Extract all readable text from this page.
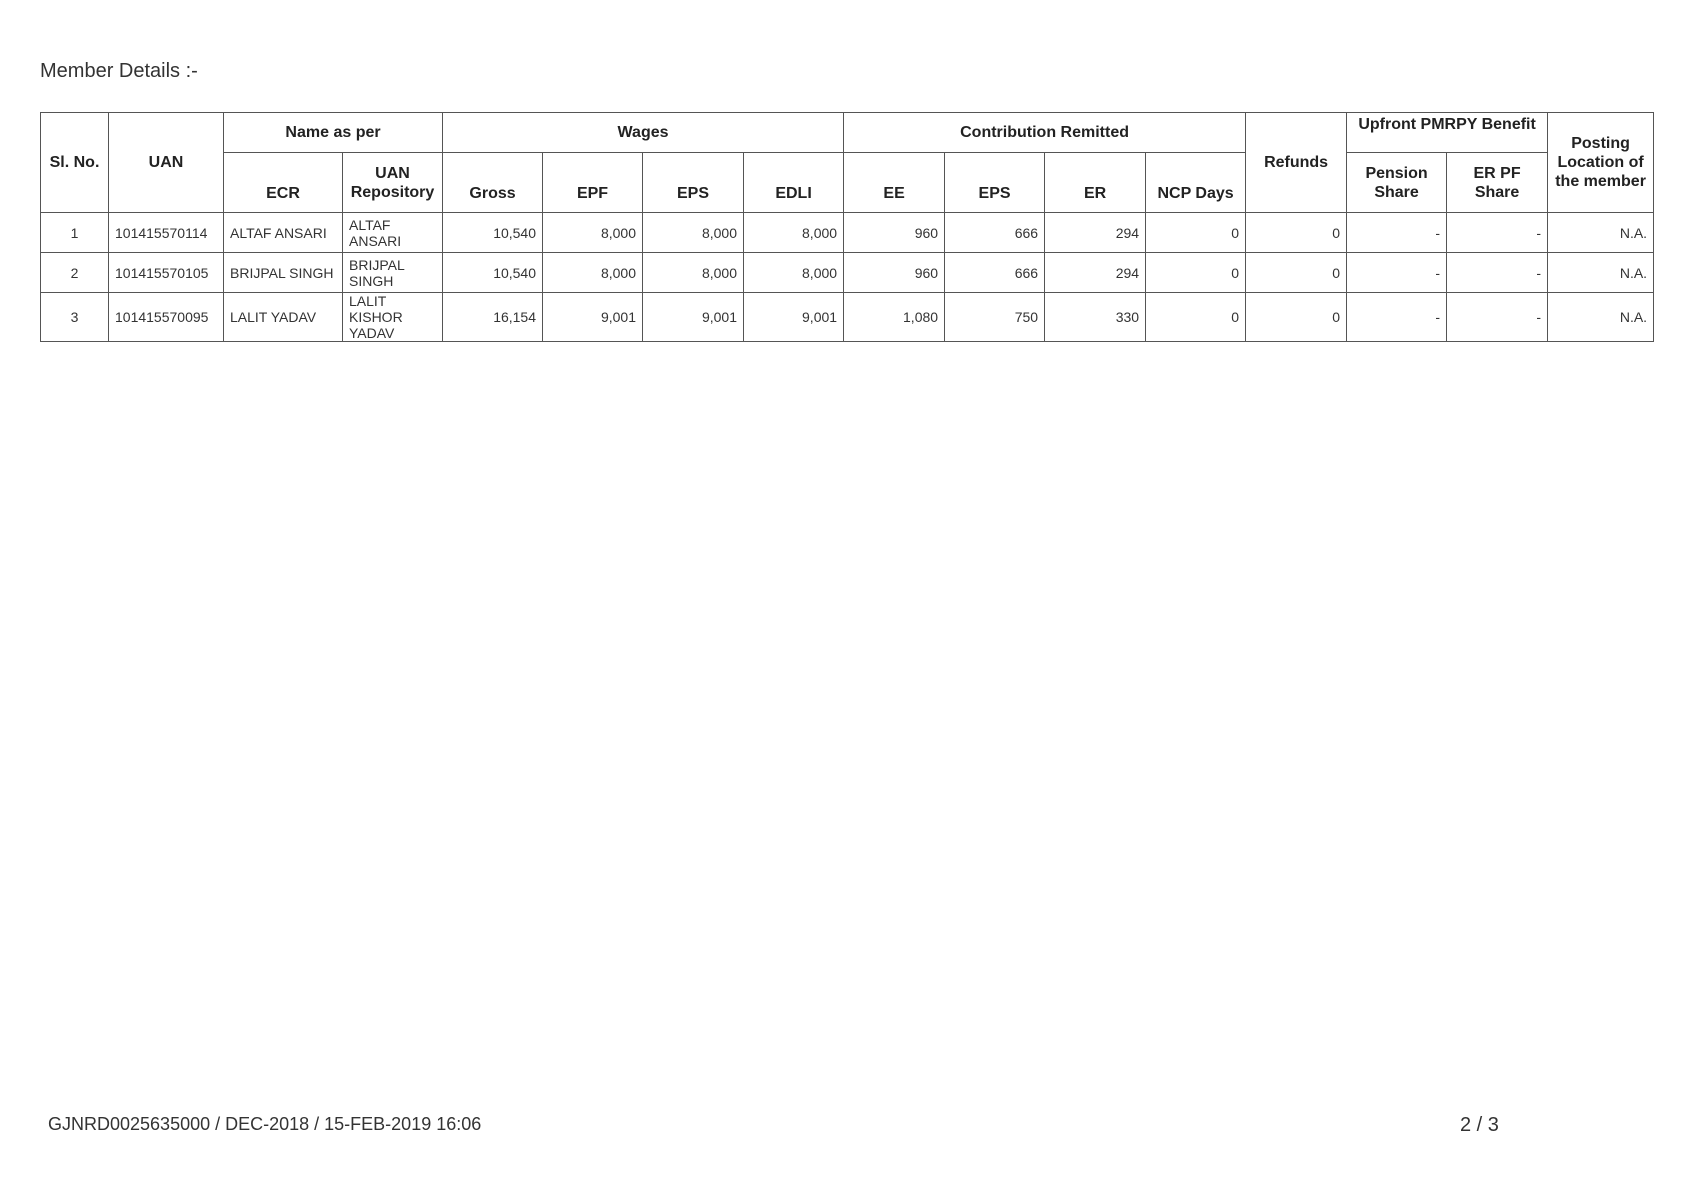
Member Details :-
Sl. No.	UAN	Name as per		Wages				Contribution Remitted				Refunds	Upfront PMRPY Benefit		Posting Location of the member
		ECR	UAN Repository	Gross	EPF	EPS	EDLI	EE	EPS	ER	NCP Days		Pension Share	ER PF Share	
1	101415570114	ALTAF ANSARI	ALTAF ANSARI	10,540	8,000	8,000	8,000	960	666	294	0	0	-	-	N.A.
2	101415570105	BRIJPAL SINGH	BRIJPAL SINGH	10,540	8,000	8,000	8,000	960	666	294	0	0	-	-	N.A.
3	101415570095	LALIT YADAV	LALIT KISHOR YADAV	16,154	9,001	9,001	9,001	1,080	750	330	0	0	-	-	N.A.
GJNRD0025635000 / DEC-2018 / 15-FEB-2019 16:06	2 / 3
